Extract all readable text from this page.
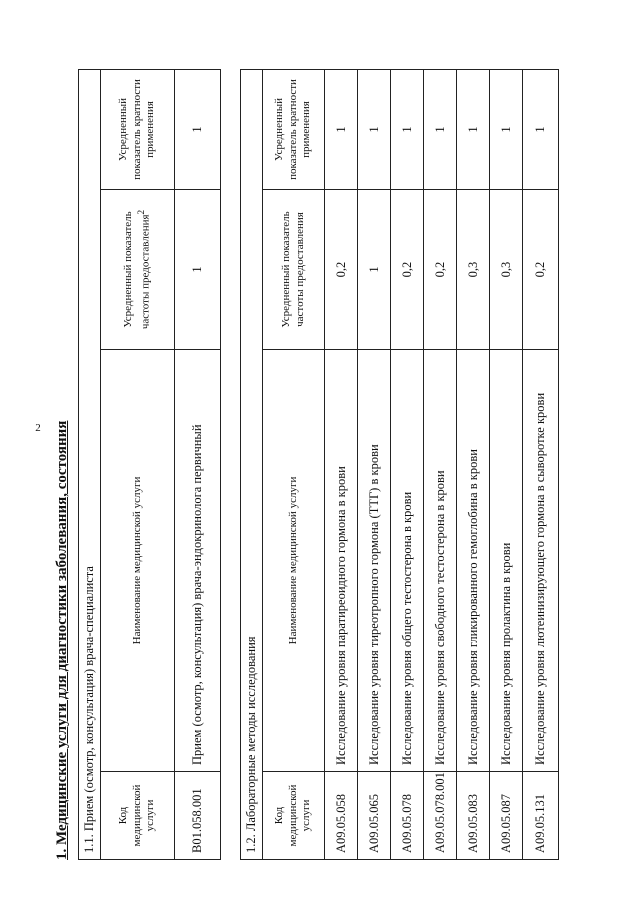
2 1. Медицинские услуги для диагностики заболевания, состояния 1.1. Прием (осмотр, консультация) врача-специалиста			
Код медицинской услуги	Наименование медицинской услуги	Усредненный показатель частоты предоставления$^2$	Усредненный показатель кратности применения
B01.058.001	Прием (осмотр, консультация) врача-эндокринолога первичный	1	1
1.2. Лабораторные методы исследования			
Код медицинской услуги	Наименование медицинской услуги	Усредненный показатель частоты предоставления	Усредненный показатель кратности применения
A09.05.058	Исследование уровня паратиреоидного гормона в крови	0,2	1
A09.05.065	Исследование уровня тиреотропного гормона (ТТГ) в крови	1	1
A09.05.078	Исследование уровня общего тестостерона в крови	0,2	1
A09.05.078.001	Исследование уровня свободного тестостерона в крови	0,2	1
A09.05.083	Исследование уровня гликированного гемоглобина в крови	0,3	1
A09.05.087	Исследование уровня пролактина в крови	0,3	1
A09.05.131	Исследование уровня лютеинизирующего гормона в сыворотке крови	0,2	1
